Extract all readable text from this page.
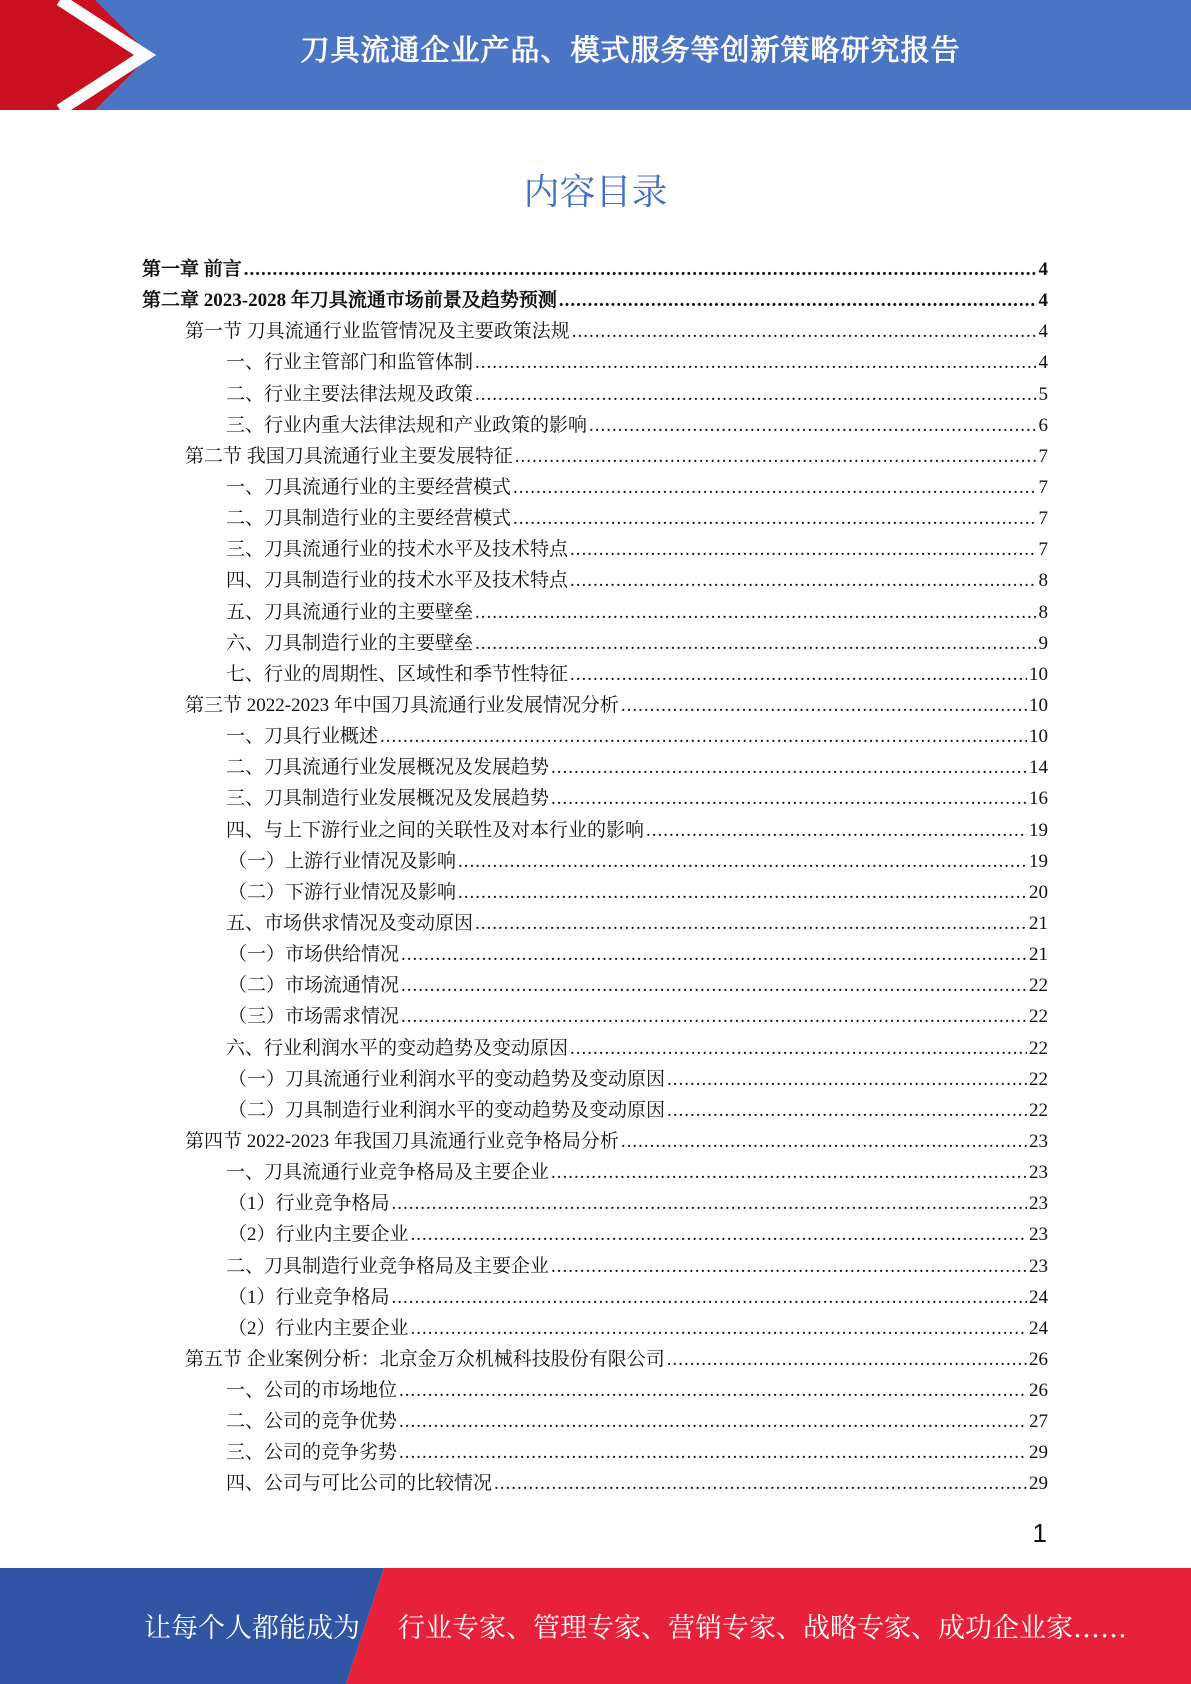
刀具流通企业产品、模式服务等创新策略研究报告
内容目录
第一章 前言 .....	4
第二章 2023-2028 年刀具流通市场前景及趋势预测 .....	4
第一节 刀具流通行业监管情况及主要政策法规 .....	4
一、行业主管部门和监管体制 .....	4
二、行业主要法律法规及政策 .....	5
三、行业内重大法律法规和产业政策的影响 .....	6
第二节 我国刀具流通行业主要发展特征 .....	7
一、刀具流通行业的主要经营模式 .....	7
二、刀具制造行业的主要经营模式 .....	7
三、刀具流通行业的技术水平及技术特点 .....	7
四、刀具制造行业的技术水平及技术特点 .....	8
五、刀具流通行业的主要壁垒 .....	8
六、刀具制造行业的主要壁垒 .....	9
七、行业的周期性、区域性和季节性特征 .....	10
第三节 2022-2023 年中国刀具流通行业发展情况分析 .....	10
一、刀具行业概述 .....	10
二、刀具流通行业发展概况及发展趋势 .....	14
三、刀具制造行业发展概况及发展趋势 .....	16
四、与上下游行业之间的关联性及对本行业的影响 .....	19
（一）上游行业情况及影响 .....	19
（二）下游行业情况及影响 .....	20
五、市场供求情况及变动原因 .....	21
（一）市场供给情况 .....	21
（二）市场流通情况 .....	22
（三）市场需求情况 .....	22
六、行业利润水平的变动趋势及变动原因 .....	22
（一）刀具流通行业利润水平的变动趋势及变动原因 .....	22
（二）刀具制造行业利润水平的变动趋势及变动原因 .....	22
第四节 2022-2023 年我国刀具流通行业竞争格局分析 .....	23
一、刀具流通行业竞争格局及主要企业 .....	23
（1）行业竞争格局 .....	23
（2）行业内主要企业 .....	23
二、刀具制造行业竞争格局及主要企业 .....	23
（1）行业竞争格局 .....	24
（2）行业内主要企业 .....	24
第五节 企业案例分析：北京金万众机械科技股份有限公司 .....	26
一、公司的市场地位 .....	26
二、公司的竞争优势 .....	27
三、公司的竞争劣势 .....	29
四、公司与可比公司的比较情况 .....	29
1
让每个人都能成为 行业专家、管理专家、营销专家、战略专家、成功企业家……
